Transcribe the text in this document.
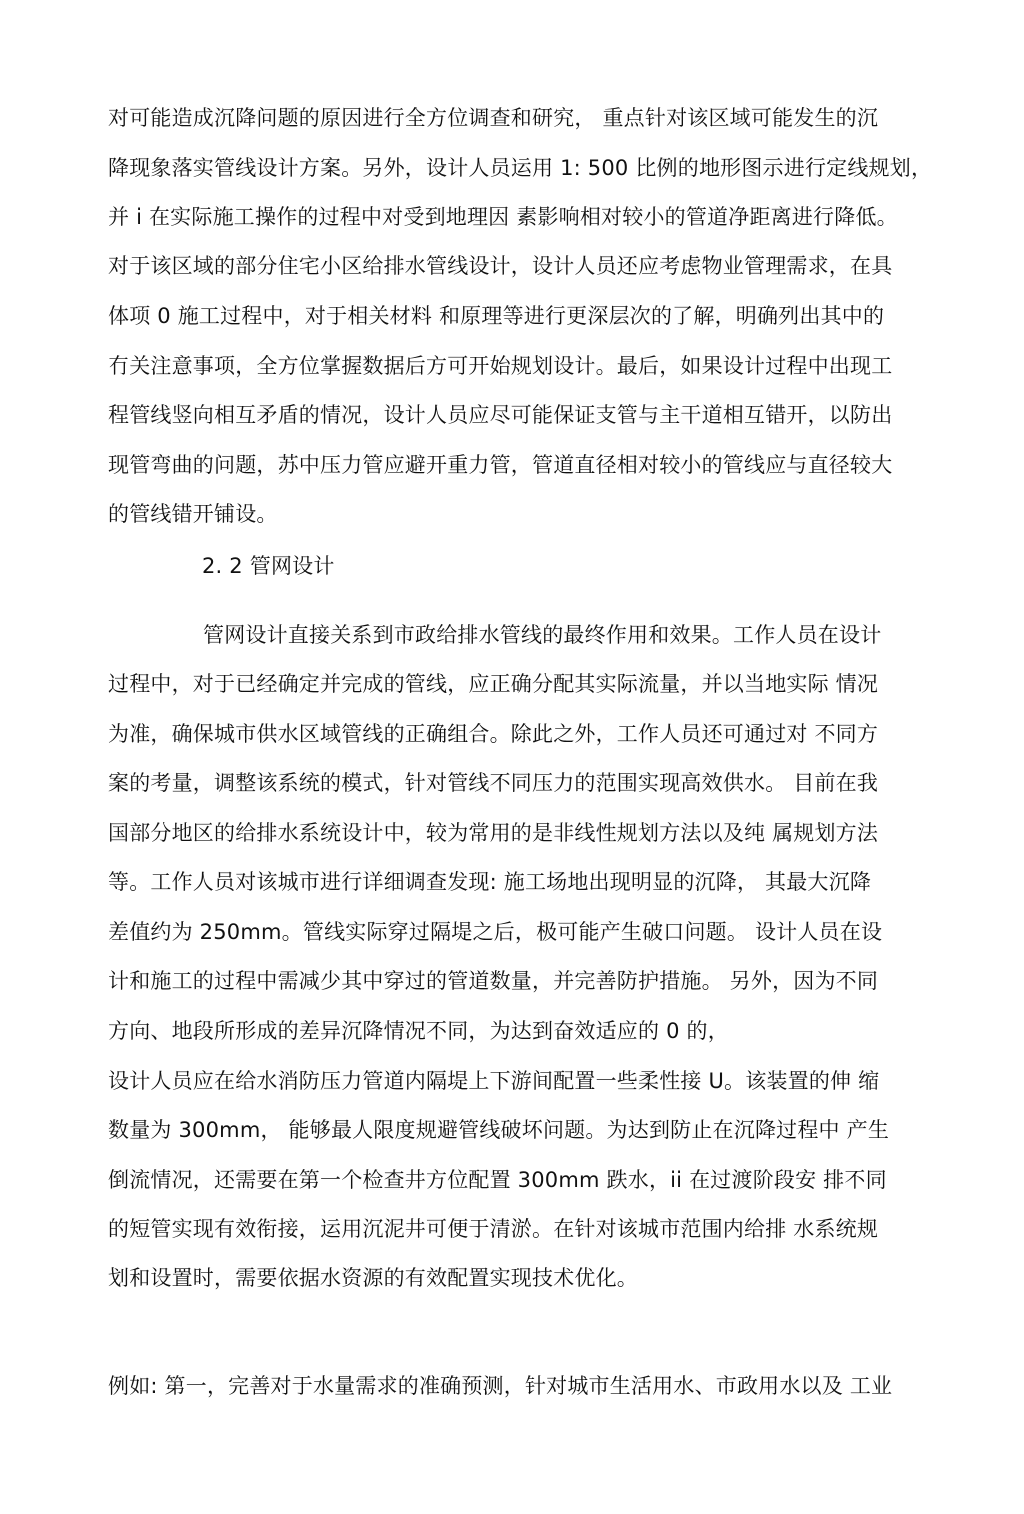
对可能造成沉降问题的原因进行全方位调查和研究， 重点针对该区域可能发生的沉
降现象落实管线设计方案。另外，设计人员运用 1: 500 比例的地形图示进行定线规划，
并 i 在实际施工操作的过程中对受到地理因 素影响相对较小的管道净距离进行降低。
对于该区域的部分住宅小区给排水管线设计，设计人员还应考虑物业管理需求，在具
体项 0 施工过程中，对于相关材料 和原理等进行更深层次的了解，明确列出其中的
冇关注意事项，全方位掌握数据后方可开始规划设计。最后，如果设计过程中出现工
程管线竖向相互矛盾的情况，设计人员应尽可能保证支管与主干道相互错开，以防出
现管弯曲的问题，苏中压力管应避开重力管，管道直径相对较小的管线应与直径较大
的管线错开铺设。
2. 2 管网设计
管网设计直接关系到市政给排水管线的最终作用和效果。工作人员在设计
过程中，对于已经确定并完成的管线，应正确分配其实际流量，并以当地实际 情况
为准，确保城市供水区域管线的正确组合。除此之外，工作人员还可通过对 不同方
案的考量，调整该系统的模式，针对管线不同压力的范围实现高效供水。 目前在我
国部分地区的给排水系统设计中，较为常用的是非线性规划方法以及纯 属规划方法
等。工作人员对该城市进行详细调查发现: 施工场地出现明显的沉降， 其最大沉降
差值约为 250mm。管线实际穿过隔堤之后，极可能产生破口问题。 设计人员在设
计和施工的过程中需减少其中穿过的管道数量，并完善防护措施。 另外，因为不同
方向、地段所形成的差异沉降情况不同，为达到奋效适应的 0 的，
设计人员应在给水消防压力管道内隔堤上下游间配置一些柔性接 U。该装置的伸 缩
数量为 300mm， 能够最人限度规避管线破坏问题。为达到防止在沉降过程中 产生
倒流情况，还需要在第一个检查井方位配置 300mm 跌水，ii 在过渡阶段安 排不同
的短管实现有效衔接，运用沉泥井可便于清淤。在针对该城市范围内给排 水系统规
划和设置时，需要依据水资源的有效配置实现技术优化。
例如: 第一，完善对于水量需求的准确预测，针对城市生活用水、市政用水以及 工业
